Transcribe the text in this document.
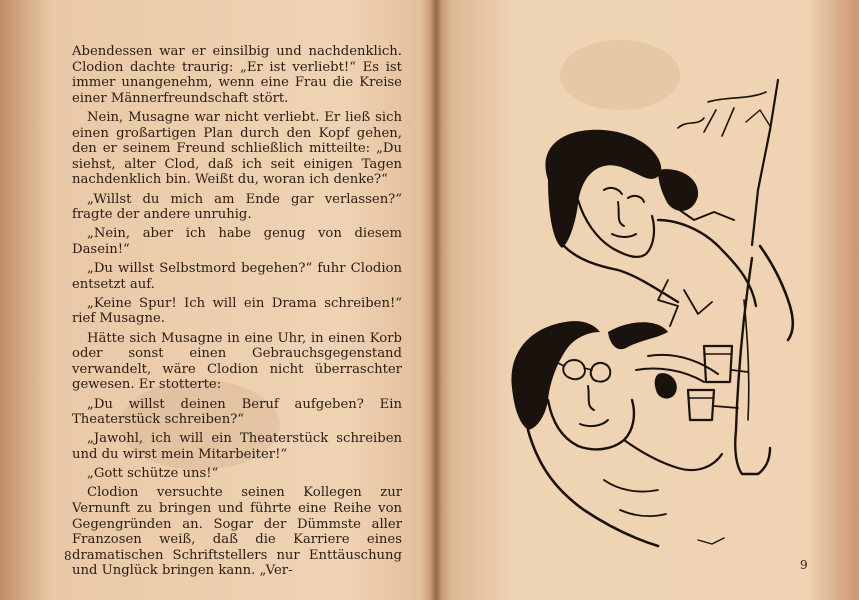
Abendessen war er einsilbig und nachdenklich. Clodion dachte traurig: „Er ist verliebt!“ Es ist immer unangenehm, wenn eine Frau die Kreise einer Männerfreundschaft stört.

Nein, Musagne war nicht verliebt. Er ließ sich einen großartigen Plan durch den Kopf gehen, den er seinem Freund schließlich mitteilte: „Du siehst, alter Clod, daß ich seit einigen Tagen nachdenklich bin. Weißt du, woran ich denke?“

„Willst du mich am Ende gar verlassen?“ fragte der andere unruhig.

„Nein, aber ich habe genug von diesem Dasein!“

„Du willst Selbstmord begehen?“ fuhr Clodion entsetzt auf.

„Keine Spur! Ich will ein Drama schreiben!“ rief Musagne.

Hätte sich Musagne in eine Uhr, in einen Korb oder sonst einen Gebrauchsgegenstand verwandelt, wäre Clodion nicht überraschter gewesen. Er stotterte:

„Du willst deinen Beruf aufgeben? Ein Theaterstück schreiben?“

„Jawohl, ich will ein Theaterstück schreiben und du wirst mein Mitarbeiter!“

„Gott schütze uns!“

Clodion versuchte seinen Kollegen zur Vernunft zu bringen und führte eine Reihe von Gegengründen an. Sogar der Dümmste aller Franzosen weiß, daß die Karriere eines dramatischen Schriftstellers nur Enttäuschung und Unglück bringen kann. „Ver-

8
9
